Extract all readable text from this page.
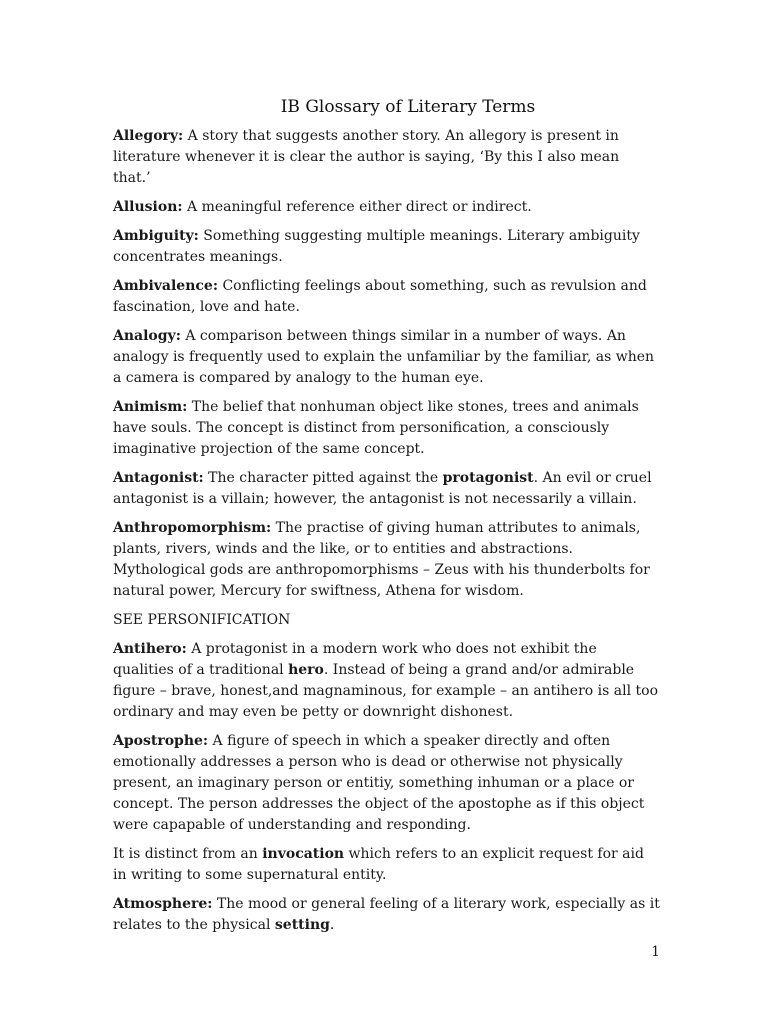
IB Glossary of Literary Terms

Allegory: A story that suggests another story. An allegory is present in literature whenever it is clear the author is saying, ‘By this I also mean that.’

Allusion: A meaningful reference either direct or indirect.

Ambiguity: Something suggesting multiple meanings. Literary ambiguity concentrates meanings.

Ambivalence: Conflicting feelings about something, such as revulsion and fascination, love and hate.

Analogy: A comparison between things similar in a number of ways. An analogy is frequently used to explain the unfamiliar by the familiar, as when a camera is compared by analogy to the human eye.

Animism: The belief that nonhuman object like stones, trees and animals have souls. The concept is distinct from personification, a consciously imaginative projection of the same concept.

Antagonist: The character pitted against the protagonist. An evil or cruel antagonist is a villain; however, the antagonist is not necessarily a villain.

Anthropomorphism: The practise of giving human attributes to animals, plants, rivers, winds and the like, or to entities and abstractions. Mythological gods are anthropomorphisms – Zeus with his thunderbolts for natural power, Mercury for swiftness, Athena for wisdom.

SEE PERSONIFICATION

Antihero: A protagonist in a modern work who does not exhibit the qualities of a traditional hero. Instead of being a grand and/or admirable figure – brave, honest,and magnaminous, for example – an antihero is all too ordinary and may even be petty or downright dishonest.

Apostrophe: A figure of speech in which a speaker directly and often emotionally addresses a person who is dead or otherwise not physically present, an imaginary person or entitiy, something inhuman or a place or concept. The person addresses the object of the apostophe as if this object were capapable of understanding and responding.

It is distinct from an invocation which refers to an explicit request for aid in writing to some supernatural entity.

Atmosphere: The mood or general feeling of a literary work, especially as it relates to the physical setting.

1
